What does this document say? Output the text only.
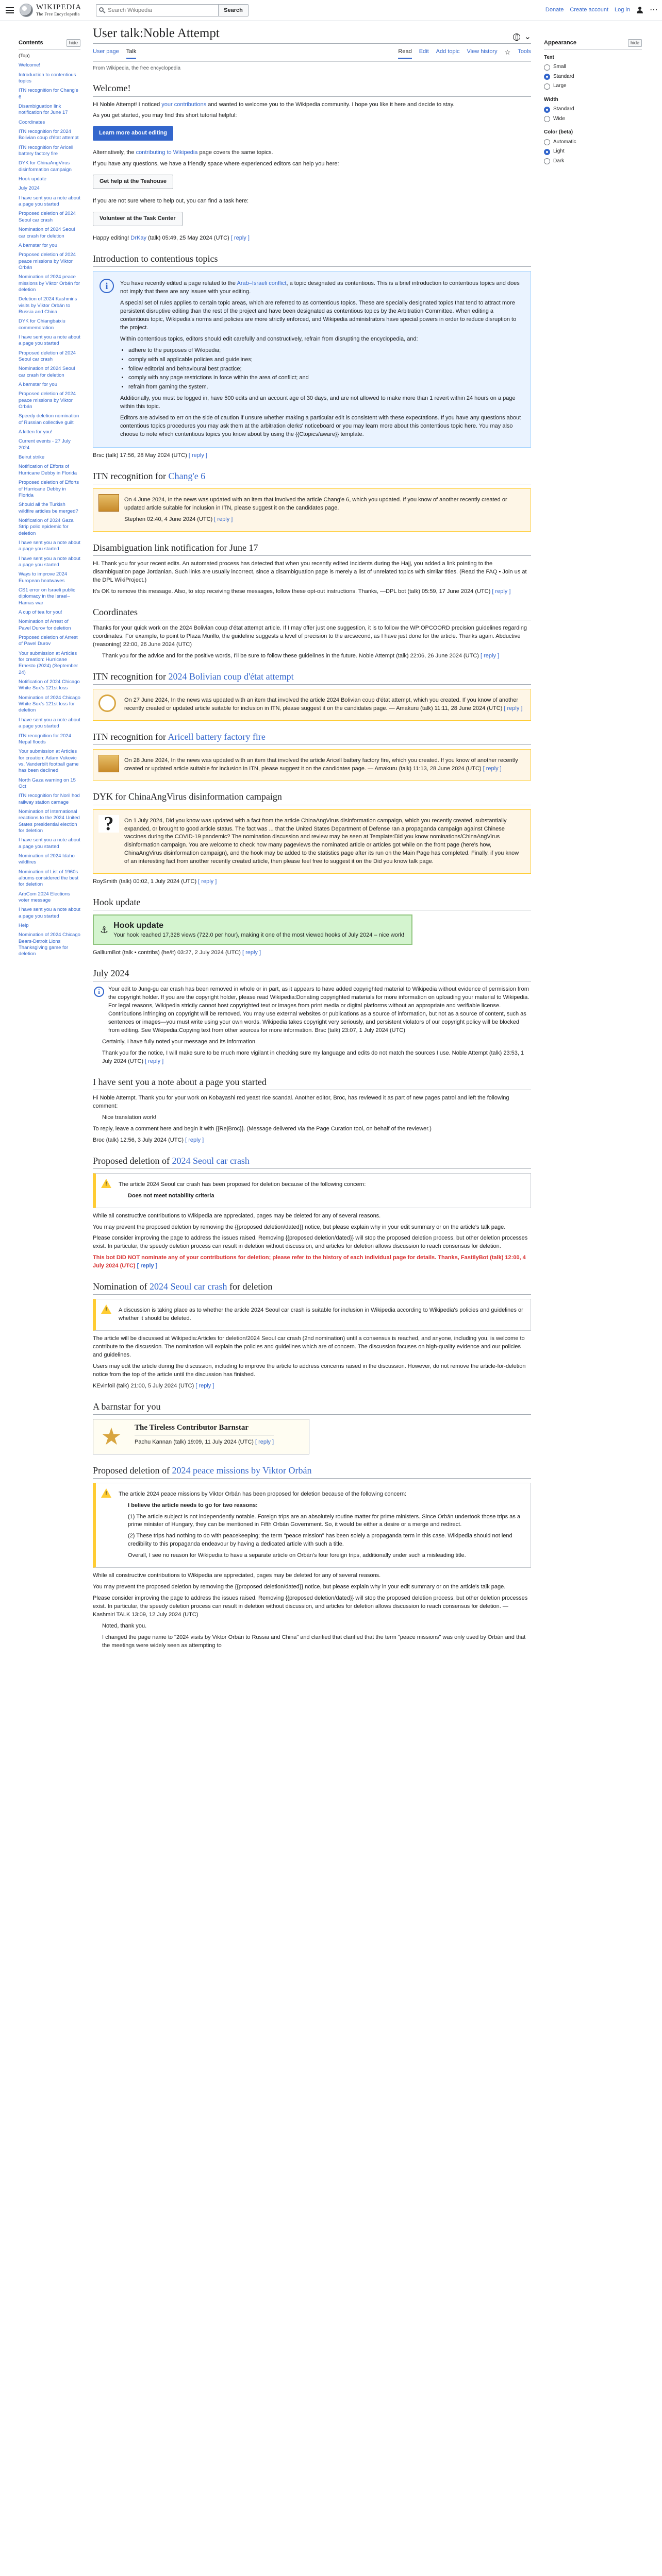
WIKIPEDIA
The Free Encyclopedia
Search Wikipedia
Search	Donate Create account Log in ⋯
Contents	hide
(Top)
Welcome!
Introduction to contentious topics
ITN recognition for Chang'e 6
Disambiguation link notification for June 17
Coordinates
ITN recognition for 2024 Bolivian coup d'état attempt
ITN recognition for Aricell battery factory fire
DYK for ChinaAngVirus disinformation campaign
Hook update
July 2024
I have sent you a note about a page you started
Proposed deletion of 2024 Seoul car crash
Nomination of 2024 Seoul car crash for deletion
A barnstar for you
Proposed deletion of 2024 peace missions by Viktor Orbán
Nomination of 2024 peace missions by Viktor Orbán for deletion
Deletion of 2024 Kashmir's visits by Viktor Orbán to Russia and China
DYK for Chiangbaixiu commemoration
I have sent you a note about a page you started
Proposed deletion of 2024 Seoul car crash
Nomination of 2024 Seoul car crash for deletion
A barnstar for you
Proposed deletion of 2024 peace missions by Viktor Orbán
Speedy deletion nomination of Russian collective guilt
A kitten for you!
Current events - 27 July 2024
Beirut strike
Notification of Efforts of Hurricane Debby in Florida
Proposed deletion of Efforts of Hurricane Debby in Florida
Should all the Turkish wildfire articles be merged?
Notification of 2024 Gaza Strip polio epidemic for deletion
I have sent you a note about a page you started
I have sent you a note about a page you started
Ways to improve 2024 European heatwaves
CS1 error on Israeli public diplomacy in the Israel–Hamas war
A cup of tea for you!
Nomination of Arrest of Pavel Durov for deletion
Proposed deletion of Arrest of Pavel Durov
Your submission at Articles for creation: Hurricane Ernesto (2024) (September 24)
Notification of 2024 Chicago White Sox's 121st loss
Nomination of 2024 Chicago White Sox's 121st loss for deletion
I have sent you a note about a page you started
ITN recognition for 2024 Nepal floods
Your submission at Articles for creation: Adam Vukovic vs. Vanderbilt football game has been declined
North Gaza warning on 15 Oct
ITN recognition for Noril hod railway station carnage
Nomination of International reactions to the 2024 United States presidential election for deletion
I have sent you a note about a page you started
Nomination of 2024 Idaho wildfires
Nomination of List of 1960s albums considered the best for deletion
ArbCom 2024 Elections voter message
I have sent you a note about a page you started
Help
Nomination of 2024 Chicago Bears-Detroit Lions Thanksgiving game for deletion
User talk:Noble Attempt	⌄
User page Talk	Read Edit Add topic View history ☆ Tools
From Wikipedia, the free encyclopedia
Welcome!

Hi Noble Attempt! I noticed your contributions and wanted to welcome you to the Wikipedia community. I hope you like it here and decide to stay.

As you get started, you may find this short tutorial helpful:

Learn more about editing

Alternatively, the contributing to Wikipedia page covers the same topics.

If you have any questions, we have a friendly space where experienced editors can help you here:

Get help at the Teahouse

If you are not sure where to help out, you can find a task here:

Volunteer at the Task Center

Happy editing! DrKay (talk) 05:49, 25 May 2024 (UTC) [ reply ]

Introduction to contentious topics
i	You have recently edited a page related to the Arab–Israeli conflict, a topic designated as contentious. This is a brief introduction to contentious topics and does not imply that there are any issues with your editing.

A special set of rules applies to certain topic areas, which are referred to as contentious topics. These are specially designated topics that tend to attract more persistent disruptive editing than the rest of the project and have been designated as contentious topics by the Arbitration Committee. When editing a contentious topic, Wikipedia's norms and policies are more strictly enforced, and Wikipedia administrators have special powers in order to reduce disruption to the project.

Within contentious topics, editors should edit carefully and constructively, refrain from disrupting the encyclopedia, and:

• adhere to the purposes of Wikipedia;
• comply with all applicable policies and guidelines;
• follow editorial and behavioural best practice;
• comply with any page restrictions in force within the area of conflict; and
• refrain from gaming the system.

Additionally, you must be logged in, have 500 edits and an account age of 30 days, and are not allowed to make more than 1 revert within 24 hours on a page within this topic.

Editors are advised to err on the side of caution if unsure whether making a particular edit is consistent with these expectations. If you have any questions about contentious topics procedures you may ask them at the arbitration clerks' noticeboard or you may learn more about this contentious topic here. You may also choose to note which contentious topics you know about by using the {{Ctopics/aware}} template.

Brsc (talk) 17:56, 28 May 2024 (UTC) [ reply ]

ITN recognition for Chang'e 6

On 4 June 2024, In the news was updated with an item that involved the article Chang'e 6, which you updated. If you know of another recently created or updated article suitable for inclusion in ITN, please suggest it on the candidates page.

Stephen 02:40, 4 June 2024 (UTC) [ reply ]

Disambiguation link notification for June 17

Hi. Thank you for your recent edits. An automated process has detected that when you recently edited Incidents during the Hajj, you added a link pointing to the disambiguation page Jordanian. Such links are usually incorrect, since a disambiguation page is merely a list of unrelated topics with similar titles. (Read the FAQ • Join us at the DPL WikiProject.)

It's OK to remove this message. Also, to stop receiving these messages, follow these opt-out instructions. Thanks, —DPL bot (talk) 05:59, 17 June 2024 (UTC) [ reply ]

Coordinates

Thanks for your quick work on the 2024 Bolivian coup d'état attempt article. If I may offer just one suggestion, it is to follow the WP:OPCOORD precision guidelines regarding coordinates. For example, to point to Plaza Murillo, the guideline suggests a level of precision to the arcsecond, as I have just done for the article. Thanks again. Abductive (reasoning) 22:00, 26 June 2024 (UTC)

Thank you for the advice and for the positive words, I'll be sure to follow these guidelines in the future. Noble Attempt (talk) 22:06, 26 June 2024 (UTC) [ reply ]

ITN recognition for 2024 Bolivian coup d'état attempt

On 27 June 2024, In the news was updated with an item that involved the article 2024 Bolivian coup d'état attempt, which you created. If you know of another recently created or updated article suitable for inclusion in ITN, please suggest it on the candidates page. — Amakuru (talk) 11:11, 28 June 2024 (UTC) [ reply ]

ITN recognition for Aricell battery factory fire

On 28 June 2024, In the news was updated with an item that involved the article Aricell battery factory fire, which you created. If you know of another recently created or updated article suitable for inclusion in ITN, please suggest it on the candidates page. — Amakuru (talk) 11:13, 28 June 2024 (UTC) [ reply ]

DYK for ChinaAngVirus disinformation campaign
?	On 1 July 2024, Did you know was updated with a fact from the article ChinaAngVirus disinformation campaign, which you recently created, substantially expanded, or brought to good article status. The fact was ... that the United States Department of Defense ran a propaganda campaign against Chinese vaccines during the COVID-19 pandemic? The nomination discussion and review may be seen at Template:Did you know nominations/ChinaAngVirus disinformation campaign. You are welcome to check how many pageviews the nominated article or articles got while on the front page (here's how, ChinaAngVirus disinformation campaign), and the hook may be added to the statistics page after its run on the Main Page has completed. Finally, if you know of an interesting fact from another recently created article, then please feel free to suggest it on the Did you know talk page.

RoySmith (talk) 00:02, 1 July 2024 (UTC) [ reply ]

Hook update
⚓ Hook update
Your hook reached 17,328 views (722.0 per hour), making it one of the most viewed hooks of July 2024 – nice work!

GalliumBot (talk • contribs) (he/it) 03:27, 2 July 2024 (UTC) [ reply ]

July 2024
i	Your edit to Jung-gu car crash has been removed in whole or in part, as it appears to have added copyrighted material to Wikipedia without evidence of permission from the copyright holder. If you are the copyright holder, please read Wikipedia:Donating copyrighted materials for more information on uploading your material to Wikipedia. For legal reasons, Wikipedia strictly cannot host copyrighted text or images from print media or digital platforms without an appropriate and verifiable license. Contributions infringing on copyright will be removed. You may use external websites or publications as a source of information, but not as a source of content, such as sentences or images—you must write using your own words. Wikipedia takes copyright very seriously, and persistent violators of our copyright policy will be blocked from editing. See Wikipedia:Copying text from other sources for more information. Brsc (talk) 23:07, 1 July 2024 (UTC)

Certainly, I have fully noted your message and its information.

Thank you for the notice, I will make sure to be much more vigilant in checking sure my language and edits do not match the sources I use. Noble Attempt (talk) 23:53, 1 July 2024 (UTC) [ reply ]

I have sent you a note about a page you started

Hi Noble Attempt. Thank you for your work on Kobayashi red yeast rice scandal. Another editor, Broc, has reviewed it as part of new pages patrol and left the following comment:

Nice translation work!

To reply, leave a comment here and begin it with {{Re|Broc}}. (Message delivered via the Page Curation tool, on behalf of the reviewer.)

Broc (talk) 12:56, 3 July 2024 (UTC) [ reply ]

Proposed deletion of 2024 Seoul car crash
!

The article 2024 Seoul car crash has been proposed for deletion because of the following concern:

Does not meet notability criteria

While all constructive contributions to Wikipedia are appreciated, pages may be deleted for any of several reasons.

You may prevent the proposed deletion by removing the {{proposed deletion/dated}} notice, but please explain why in your edit summary or on the article's talk page.

Please consider improving the page to address the issues raised. Removing {{proposed deletion/dated}} will stop the proposed deletion process, but other deletion processes exist. In particular, the speedy deletion process can result in deletion without discussion, and articles for deletion allows discussion to reach consensus for deletion.

This bot DID NOT nominate any of your contributions for deletion; please refer to the history of each individual page for details. Thanks, FastilyBot (talk) 12:00, 4 July 2024 (UTC) [ reply ]

Nomination of 2024 Seoul car crash for deletion
!

A discussion is taking place as to whether the article 2024 Seoul car crash is suitable for inclusion in Wikipedia according to Wikipedia's policies and guidelines or whether it should be deleted.

The article will be discussed at Wikipedia:Articles for deletion/2024 Seoul car crash (2nd nomination) until a consensus is reached, and anyone, including you, is welcome to contribute to the discussion. The nomination will explain the policies and guidelines which are of concern. The discussion focuses on high-quality evidence and our policies and guidelines.

Users may edit the article during the discussion, including to improve the article to address concerns raised in the discussion. However, do not remove the article-for-deletion notice from the top of the article until the discussion has finished.

KEvinfoil (talk) 21:00, 5 July 2024 (UTC) [ reply ]

A barnstar for you
★	The Tireless Contributor Barnstar

Pachu Kannan (talk) 19:09, 11 July 2024 (UTC) [ reply ]

Proposed deletion of 2024 peace missions by Viktor Orbán
!

The article 2024 peace missions by Viktor Orbán has been proposed for deletion because of the following concern:

I believe the article needs to go for two reasons:

(1) The article subject is not independently notable. Foreign trips are an absolutely routine matter for prime ministers. Since Orbán undertook those trips as a prime minister of Hungary, they can be mentioned in Fifth Orbán Government. So, it would be either a desire or a merge and redirect.

(2) These trips had nothing to do with peacekeeping; the term "peace mission" has been solely a propaganda term in this case. Wikipedia should not lend credibility to this propaganda endeavour by having a dedicated article with such a title.

Overall, I see no reason for Wikipedia to have a separate article on Orbán's four foreign trips, additionally under such a misleading title.

While all constructive contributions to Wikipedia are appreciated, pages may be deleted for any of several reasons.

You may prevent the proposed deletion by removing the {{proposed deletion/dated}} notice, but please explain why in your edit summary or on the article's talk page.

Please consider improving the page to address the issues raised. Removing {{proposed deletion/dated}} will stop the proposed deletion process, but other deletion processes exist. In particular, the speedy deletion process can result in deletion without discussion, and articles for deletion allows discussion to reach consensus for deletion. — Kashmiri TALK 13:09, 12 July 2024 (UTC)

Noted, thank you.

I changed the page name to "2024 visits by Viktor Orbán to Russia and China" and clarified that clarified that the term "peace missions" was only used by Orbán and that the meetings were widely seen as attempting to

Appearance	hide
Text
Small
Standard
Large
Width
Standard
Wide
Color (beta)
Automatic
Light
Dark
